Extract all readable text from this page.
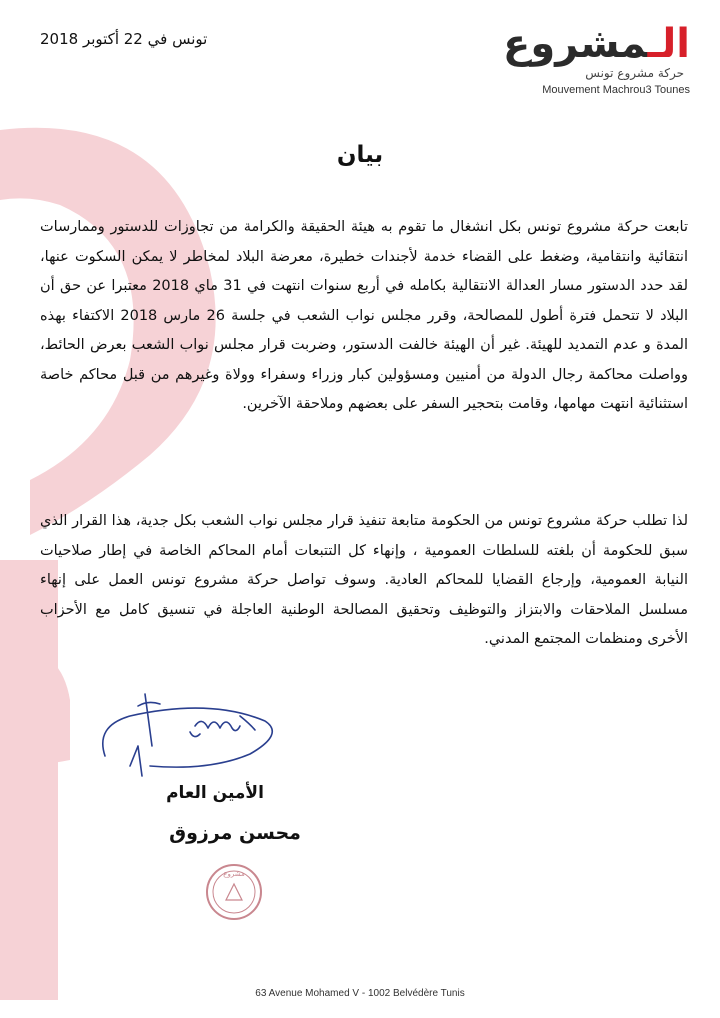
تونس في 22 أكتوبر 2018	الـمشروع
حركة مشروع تونس
Mouvement Machrou3 Tounes
بيان
تابعت حركة مشروع تونس بكل انشغال ما تقوم به هيئة الحقيقة والكرامة من تجاوزات للدستور وممارسات انتقائية وانتقامية، وضغط على القضاء خدمة لأجندات خطيرة، معرضة البلاد لمخاطر لا يمكن السكوت عنها، لقد حدد الدستور مسار العدالة الانتقالية بكامله في أربع سنوات انتهت في 31 ماي 2018 معتبرا عن حق أن البلاد لا تتحمل فترة أطول للمصالحة، وقرر مجلس نواب الشعب في جلسة 26 مارس 2018 الاكتفاء بهذه المدة و عدم التمديد للهيئة. غير أن الهيئة خالفت الدستور، وضربت قرار مجلس نواب الشعب بعرض الحائط، وواصلت محاكمة رجال الدولة من أمنيين ومسؤولين كبار وزراء وسفراء وولاة وغيرهم من قبل محاكم خاصة استثنائية انتهت مهامها، وقامت بتحجير السفر على بعضهم وملاحقة الآخرين.
لذا تطلب حركة مشروع تونس من الحكومة متابعة تنفيذ قرار مجلس نواب الشعب بكل جدية، هذا القرار الذي سبق للحكومة أن بلغته للسلطات العمومية ، وإنهاء كل التتبعات أمام المحاكم الخاصة في إطار صلاحيات النيابة العمومية، وإرجاع القضايا للمحاكم العادية. وسوف تواصل حركة مشروع تونس العمل على إنهاء مسلسل الملاحقات والابتزاز والتوظيف وتحقيق المصالحة الوطنية العاجلة في تنسيق كامل مع الأحزاب الأخرى ومنظمات المجتمع المدني.
الأمين العام
محسن مرزوق
مشروع
63 Avenue Mohamed V - 1002 Belvédère Tunis
